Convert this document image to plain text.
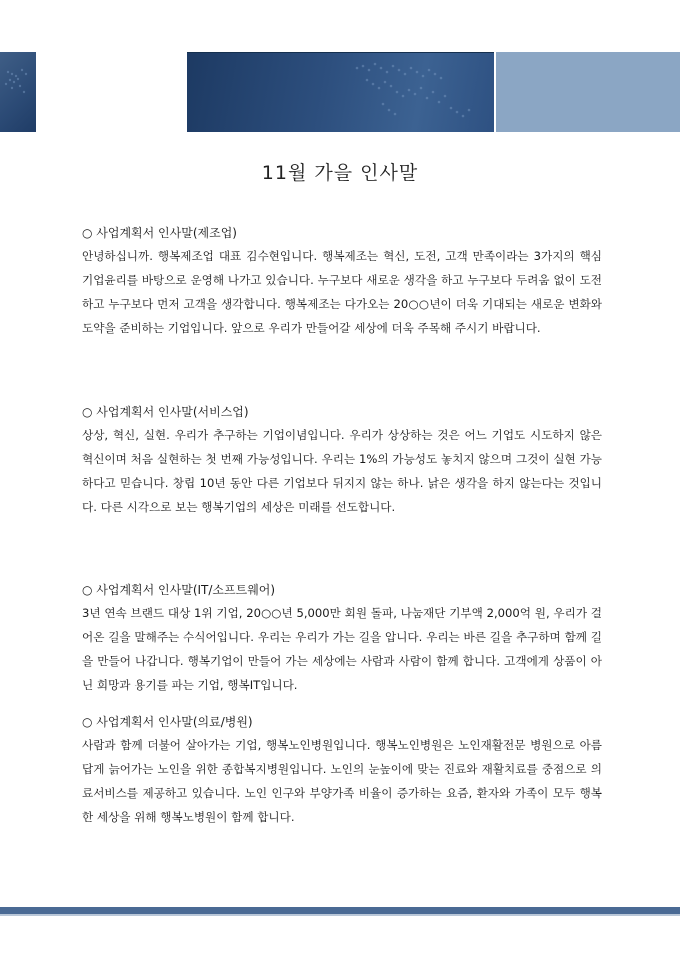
11월 가을 인사말

○ 사업계획서 인사말(제조업)

안녕하십니까. 행복제조업 대표 김수현입니다. 행복제조는 혁신, 도전, 고객 만족이라는 3가지의 핵심 기업윤리를 바탕으로 운영해 나가고 있습니다. 누구보다 새로운 생각을 하고 누구보다 두려움 없이 도전하고 누구보다 먼저 고객을 생각합니다. 행복제조는 다가오는 20○○년이 더욱 기대되는 새로운 변화와 도약을 준비하는 기업입니다. 앞으로 우리가 만들어갈 세상에 더욱 주목해 주시기 바랍니다.

○ 사업계획서 인사말(서비스업)

상상, 혁신, 실현. 우리가 추구하는 기업이념입니다. 우리가 상상하는 것은 어느 기업도 시도하지 않은 혁신이며 처음 실현하는 첫 번째 가능성입니다. 우리는 1%의 가능성도 놓치지 않으며 그것이 실현 가능하다고 믿습니다. 창립 10년 동안 다른 기업보다 뒤지지 않는 하나. 낡은 생각을 하지 않는다는 것입니다. 다른 시각으로 보는 행복기업의 세상은 미래를 선도합니다.

○ 사업계획서 인사말(IT/소프트웨어)

3년 연속 브랜드 대상 1위 기업, 20○○년 5,000만 회원 돌파, 나눔재단 기부액 2,000억 원, 우리가 걸어온 길을 말해주는 수식어입니다. 우리는 우리가 가는 길을 압니다. 우리는 바른 길을 추구하며 함께 길을 만들어 나갑니다. 행복기업이 만들어 가는 세상에는 사람과 사람이 함께 합니다. 고객에게 상품이 아닌 희망과 용기를 파는 기업, 행복IT입니다.

○ 사업계획서 인사말(의료/병원)

사람과 함께 더불어 살아가는 기업, 행복노인병원입니다. 행복노인병원은 노인재활전문 병원으로 아름답게 늙어가는 노인을 위한 종합복지병원입니다. 노인의 눈높이에 맞는 진료와 재활치료를 중점으로 의료서비스를 제공하고 있습니다. 노인 인구와 부양가족 비율이 증가하는 요즘, 환자와 가족이 모두 행복한 세상을 위해 행복노병원이 함께 합니다.
